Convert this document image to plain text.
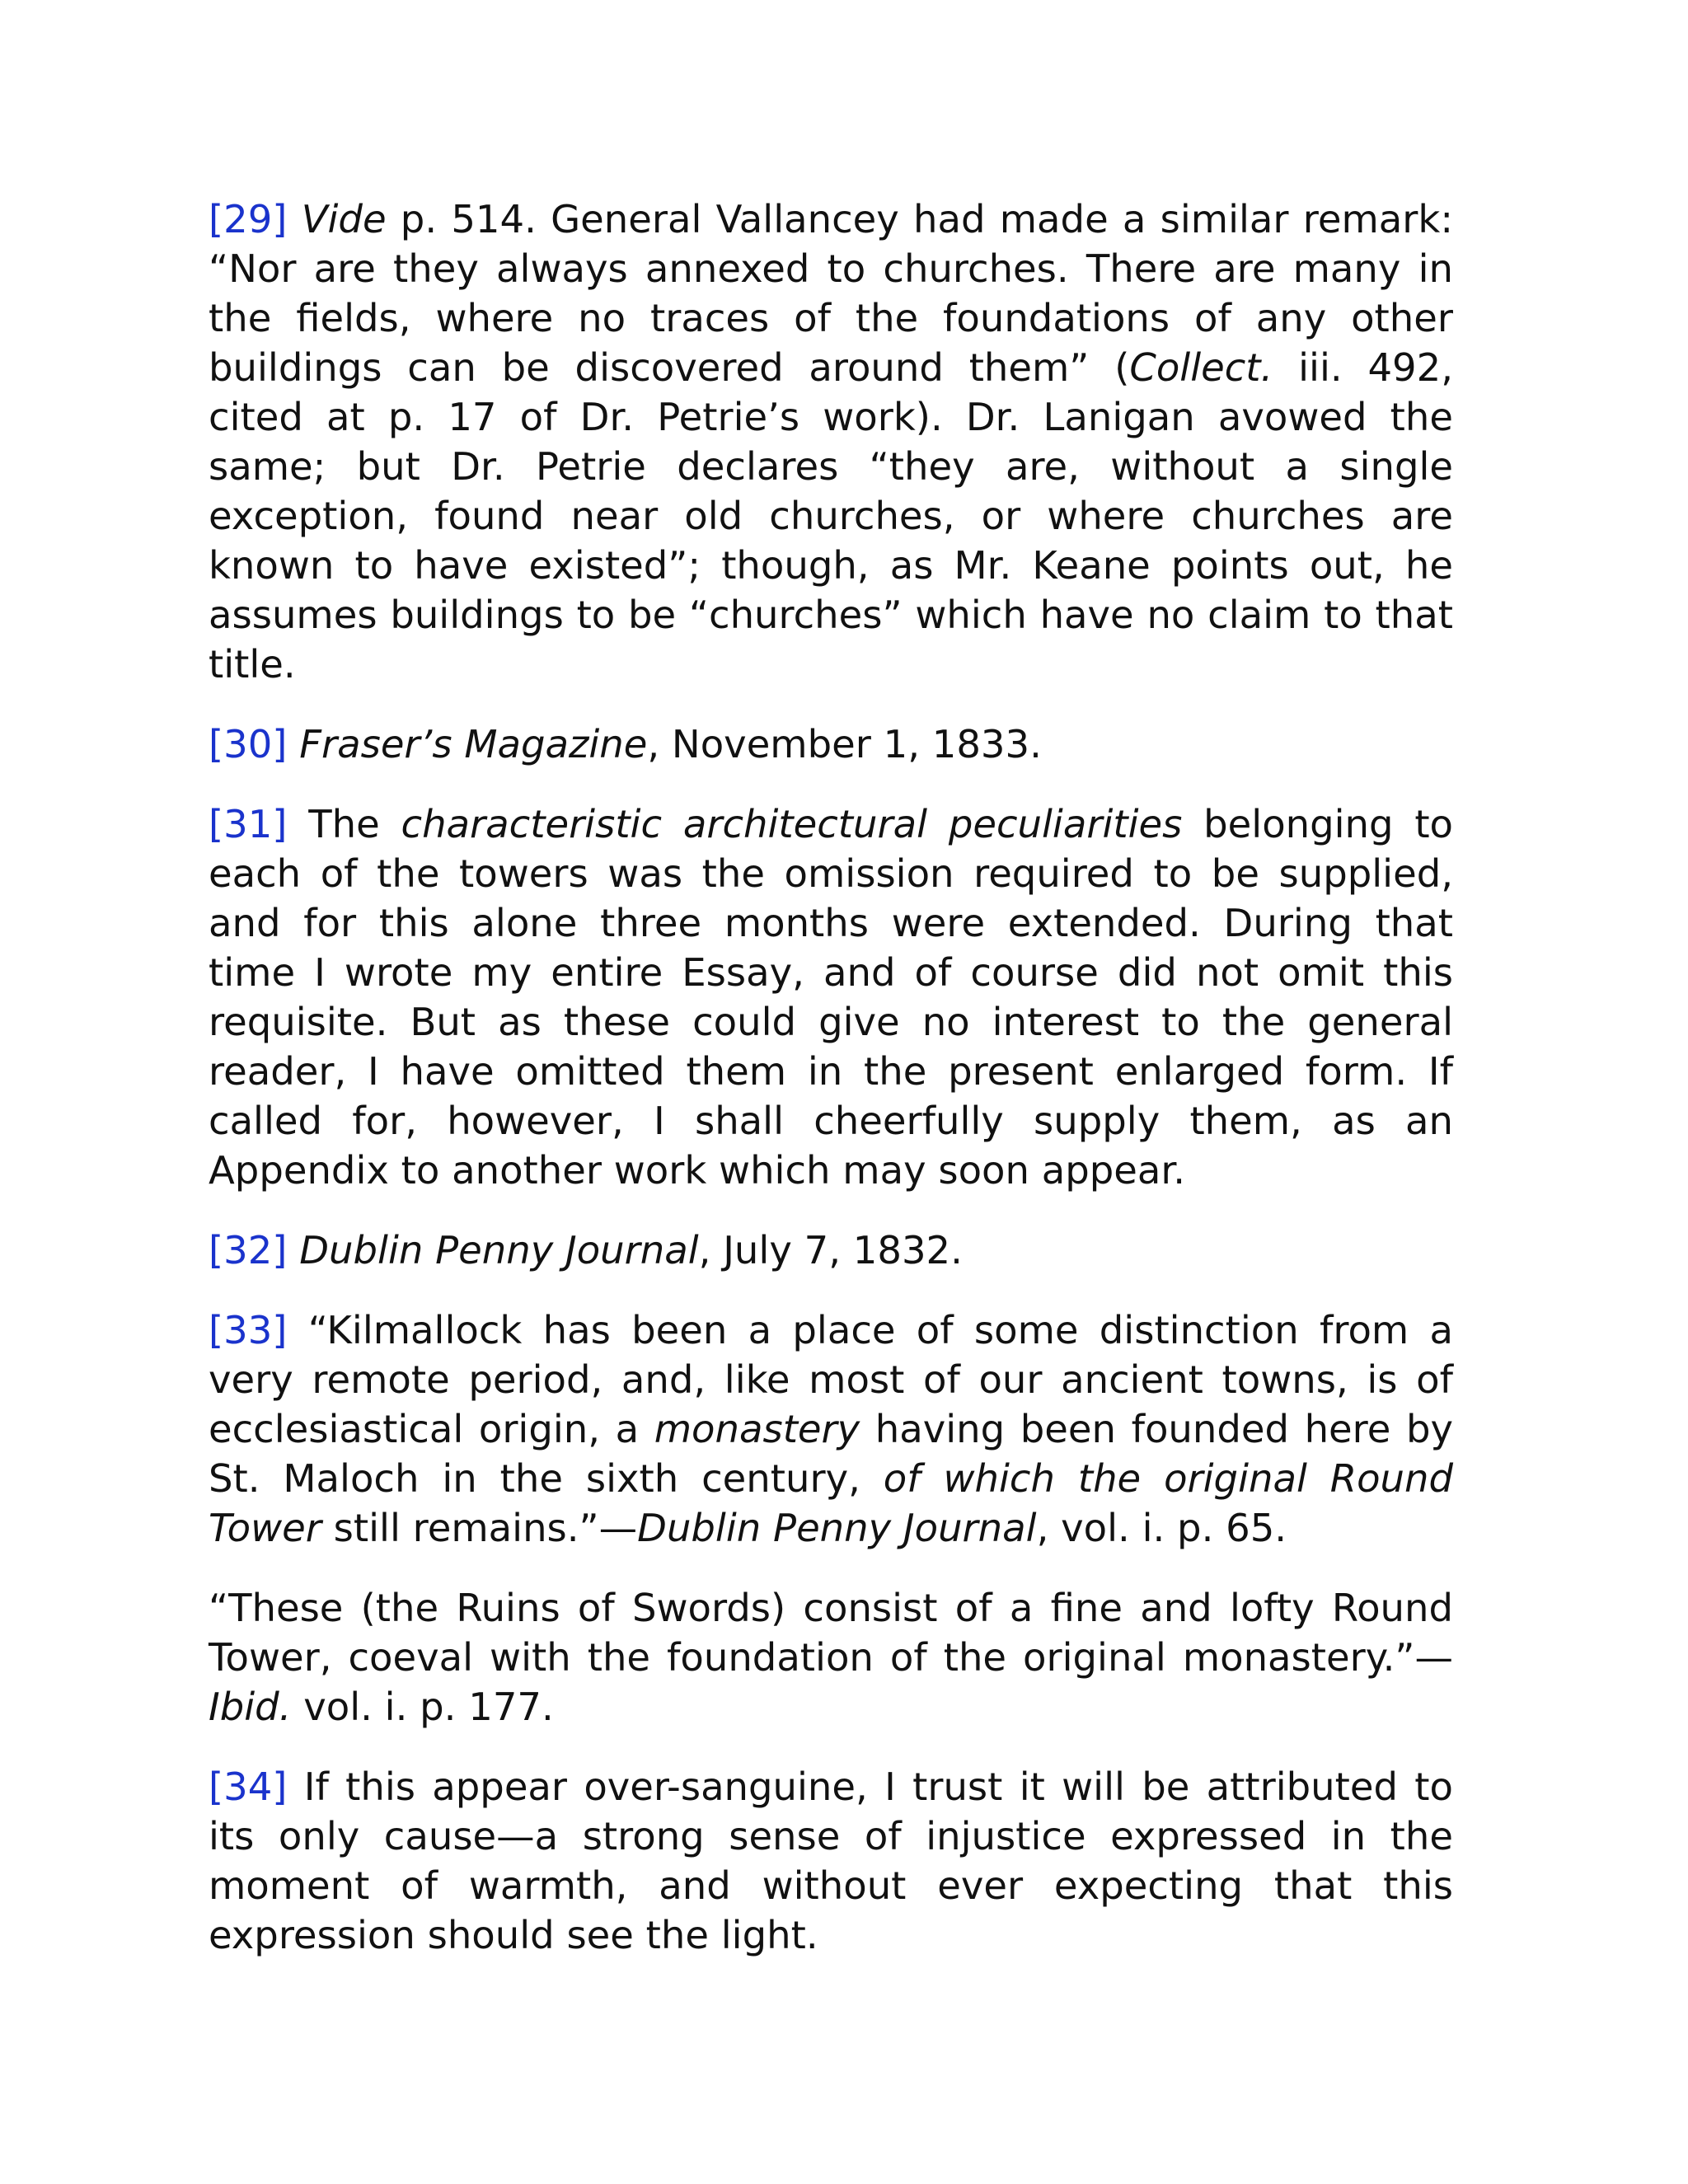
[29] Vide p. 514. General Vallancey had made a similar remark: “Nor are they always annexed to churches. There are many in the fields, where no traces of the foundations of any other buildings can be discovered around them” (Collect. iii. 492, cited at p. 17 of Dr. Petrie’s work). Dr. Lanigan avowed the same; but Dr. Petrie declares “they are, without a single exception, found near old churches, or where churches are known to have existed”; though, as Mr. Keane points out, he assumes buildings to be “churches” which have no claim to that title.

[30] Fraser’s Magazine, November 1, 1833.

[31] The characteristic architectural peculiarities belonging to each of the towers was the omission required to be supplied, and for this alone three months were extended. During that time I wrote my entire Essay, and of course did not omit this requisite. But as these could give no interest to the general reader, I have omitted them in the present enlarged form. If called for, however, I shall cheerfully supply them, as an Appendix to another work which may soon appear.

[32] Dublin Penny Journal, July 7, 1832.

[33] “Kilmallock has been a place of some distinction from a very remote period, and, like most of our ancient towns, is of ecclesiastical origin, a monastery having been founded here by St. Maloch in the sixth century, of which the original Round Tower still remains.”—Dublin Penny Journal, vol. i. p. 65.

“These (the Ruins of Swords) consist of a fine and lofty Round Tower, coeval with the foundation of the original monastery.”—Ibid. vol. i. p. 177.

[34] If this appear over-sanguine, I trust it will be attributed to its only cause—a strong sense of injustice expressed in the moment of warmth, and without ever expecting that this expression should see the light.
